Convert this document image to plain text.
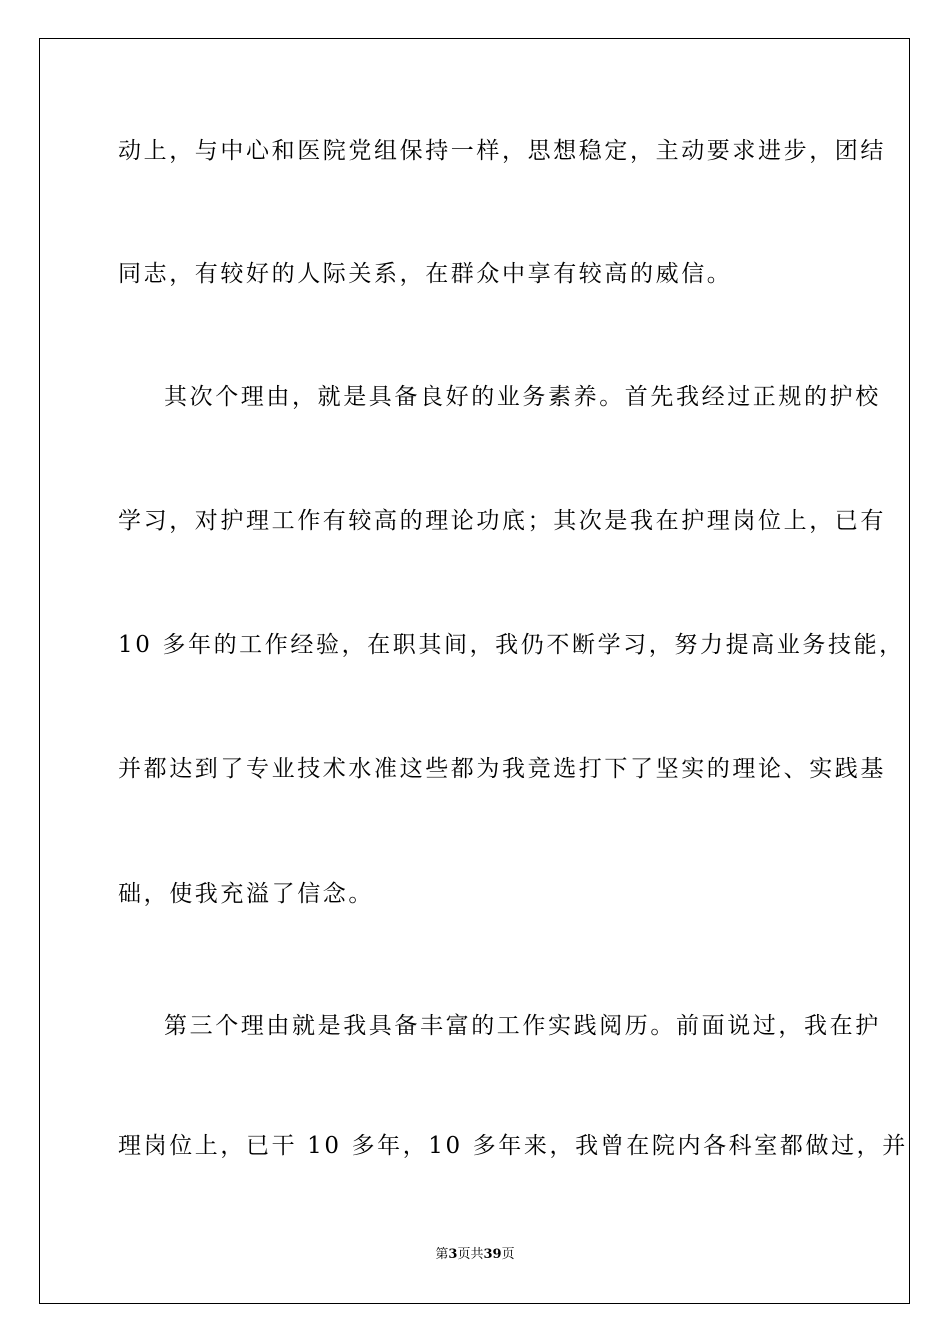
动上，与中心和医院党组保持一样，思想稳定，主动要求进步，团结
同志，有较好的人际关系，在群众中享有较高的威信。
其次个理由，就是具备良好的业务素养。首先我经过正规的护校
学习，对护理工作有较高的理论功底；其次是我在护理岗位上，已有
10 多年的工作经验，在职其间，我仍不断学习，努力提高业务技能，
并都达到了专业技术水准这些都为我竞选打下了坚实的理论、实践基
础，使我充溢了信念。
第三个理由就是我具备丰富的工作实践阅历。前面说过，我在护
理岗位上，已干 10 多年，10 多年来，我曾在院内各科室都做过，并
第3页共39页
